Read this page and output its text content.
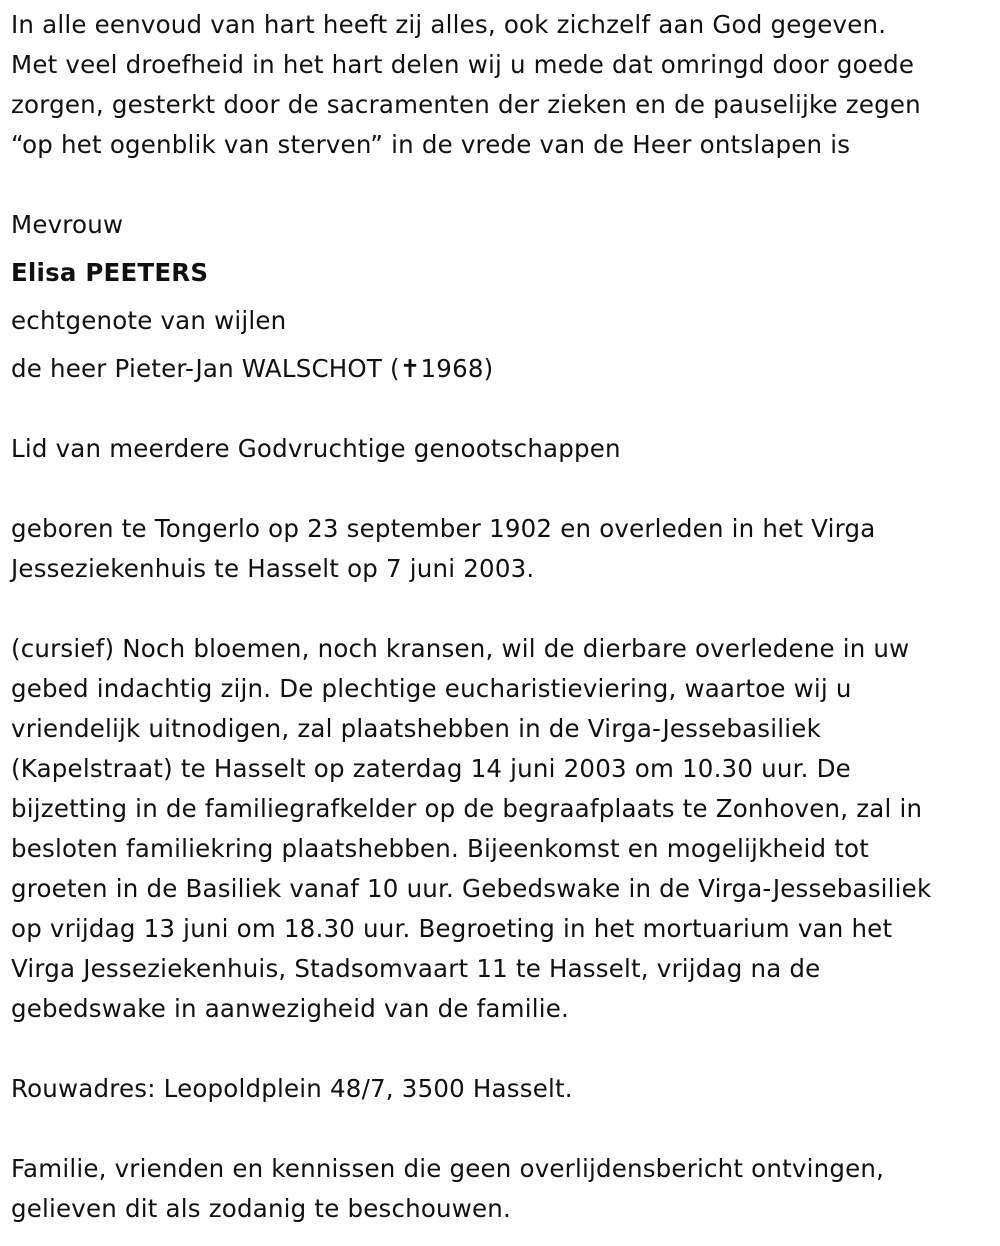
In alle eenvoud van hart heeft zij alles, ook zichzelf aan God gegeven.
Met veel droefheid in het hart delen wij u mede dat omringd door goede
zorgen, gesterkt door de sacramenten der zieken en de pauselijke zegen
“op het ogenblik van sterven” in de vrede van de Heer ontslapen is

Mevrouw

Elisa PEETERS

echtgenote van wijlen

de heer Pieter-Jan WALSCHOT (✝1968)

Lid van meerdere Godvruchtige genootschappen

geboren te Tongerlo op 23 september 1902 en overleden in het Virga
Jesseziekenhuis te Hasselt op 7 juni 2003.

(cursief) Noch bloemen, noch kransen, wil de dierbare overledene in uw
gebed indachtig zijn. De plechtige eucharistieviering, waartoe wij u
vriendelijk uitnodigen, zal plaatshebben in de Virga-Jessebasiliek
(Kapelstraat) te Hasselt op zaterdag 14 juni 2003 om 10.30 uur. De
bijzetting in de familiegrafkelder op de begraafplaats te Zonhoven, zal in
besloten familiekring plaatshebben. Bijeenkomst en mogelijkheid tot
groeten in de Basiliek vanaf 10 uur. Gebedswake in de Virga-Jessebasiliek
op vrijdag 13 juni om 18.30 uur. Begroeting in het mortuarium van het
Virga Jesseziekenhuis, Stadsomvaart 11 te Hasselt, vrijdag na de
gebedswake in aanwezigheid van de familie.

Rouwadres: Leopoldplein 48/7, 3500 Hasselt.

Familie, vrienden en kennissen die geen overlijdensbericht ontvingen,
gelieven dit als zodanig te beschouwen.
